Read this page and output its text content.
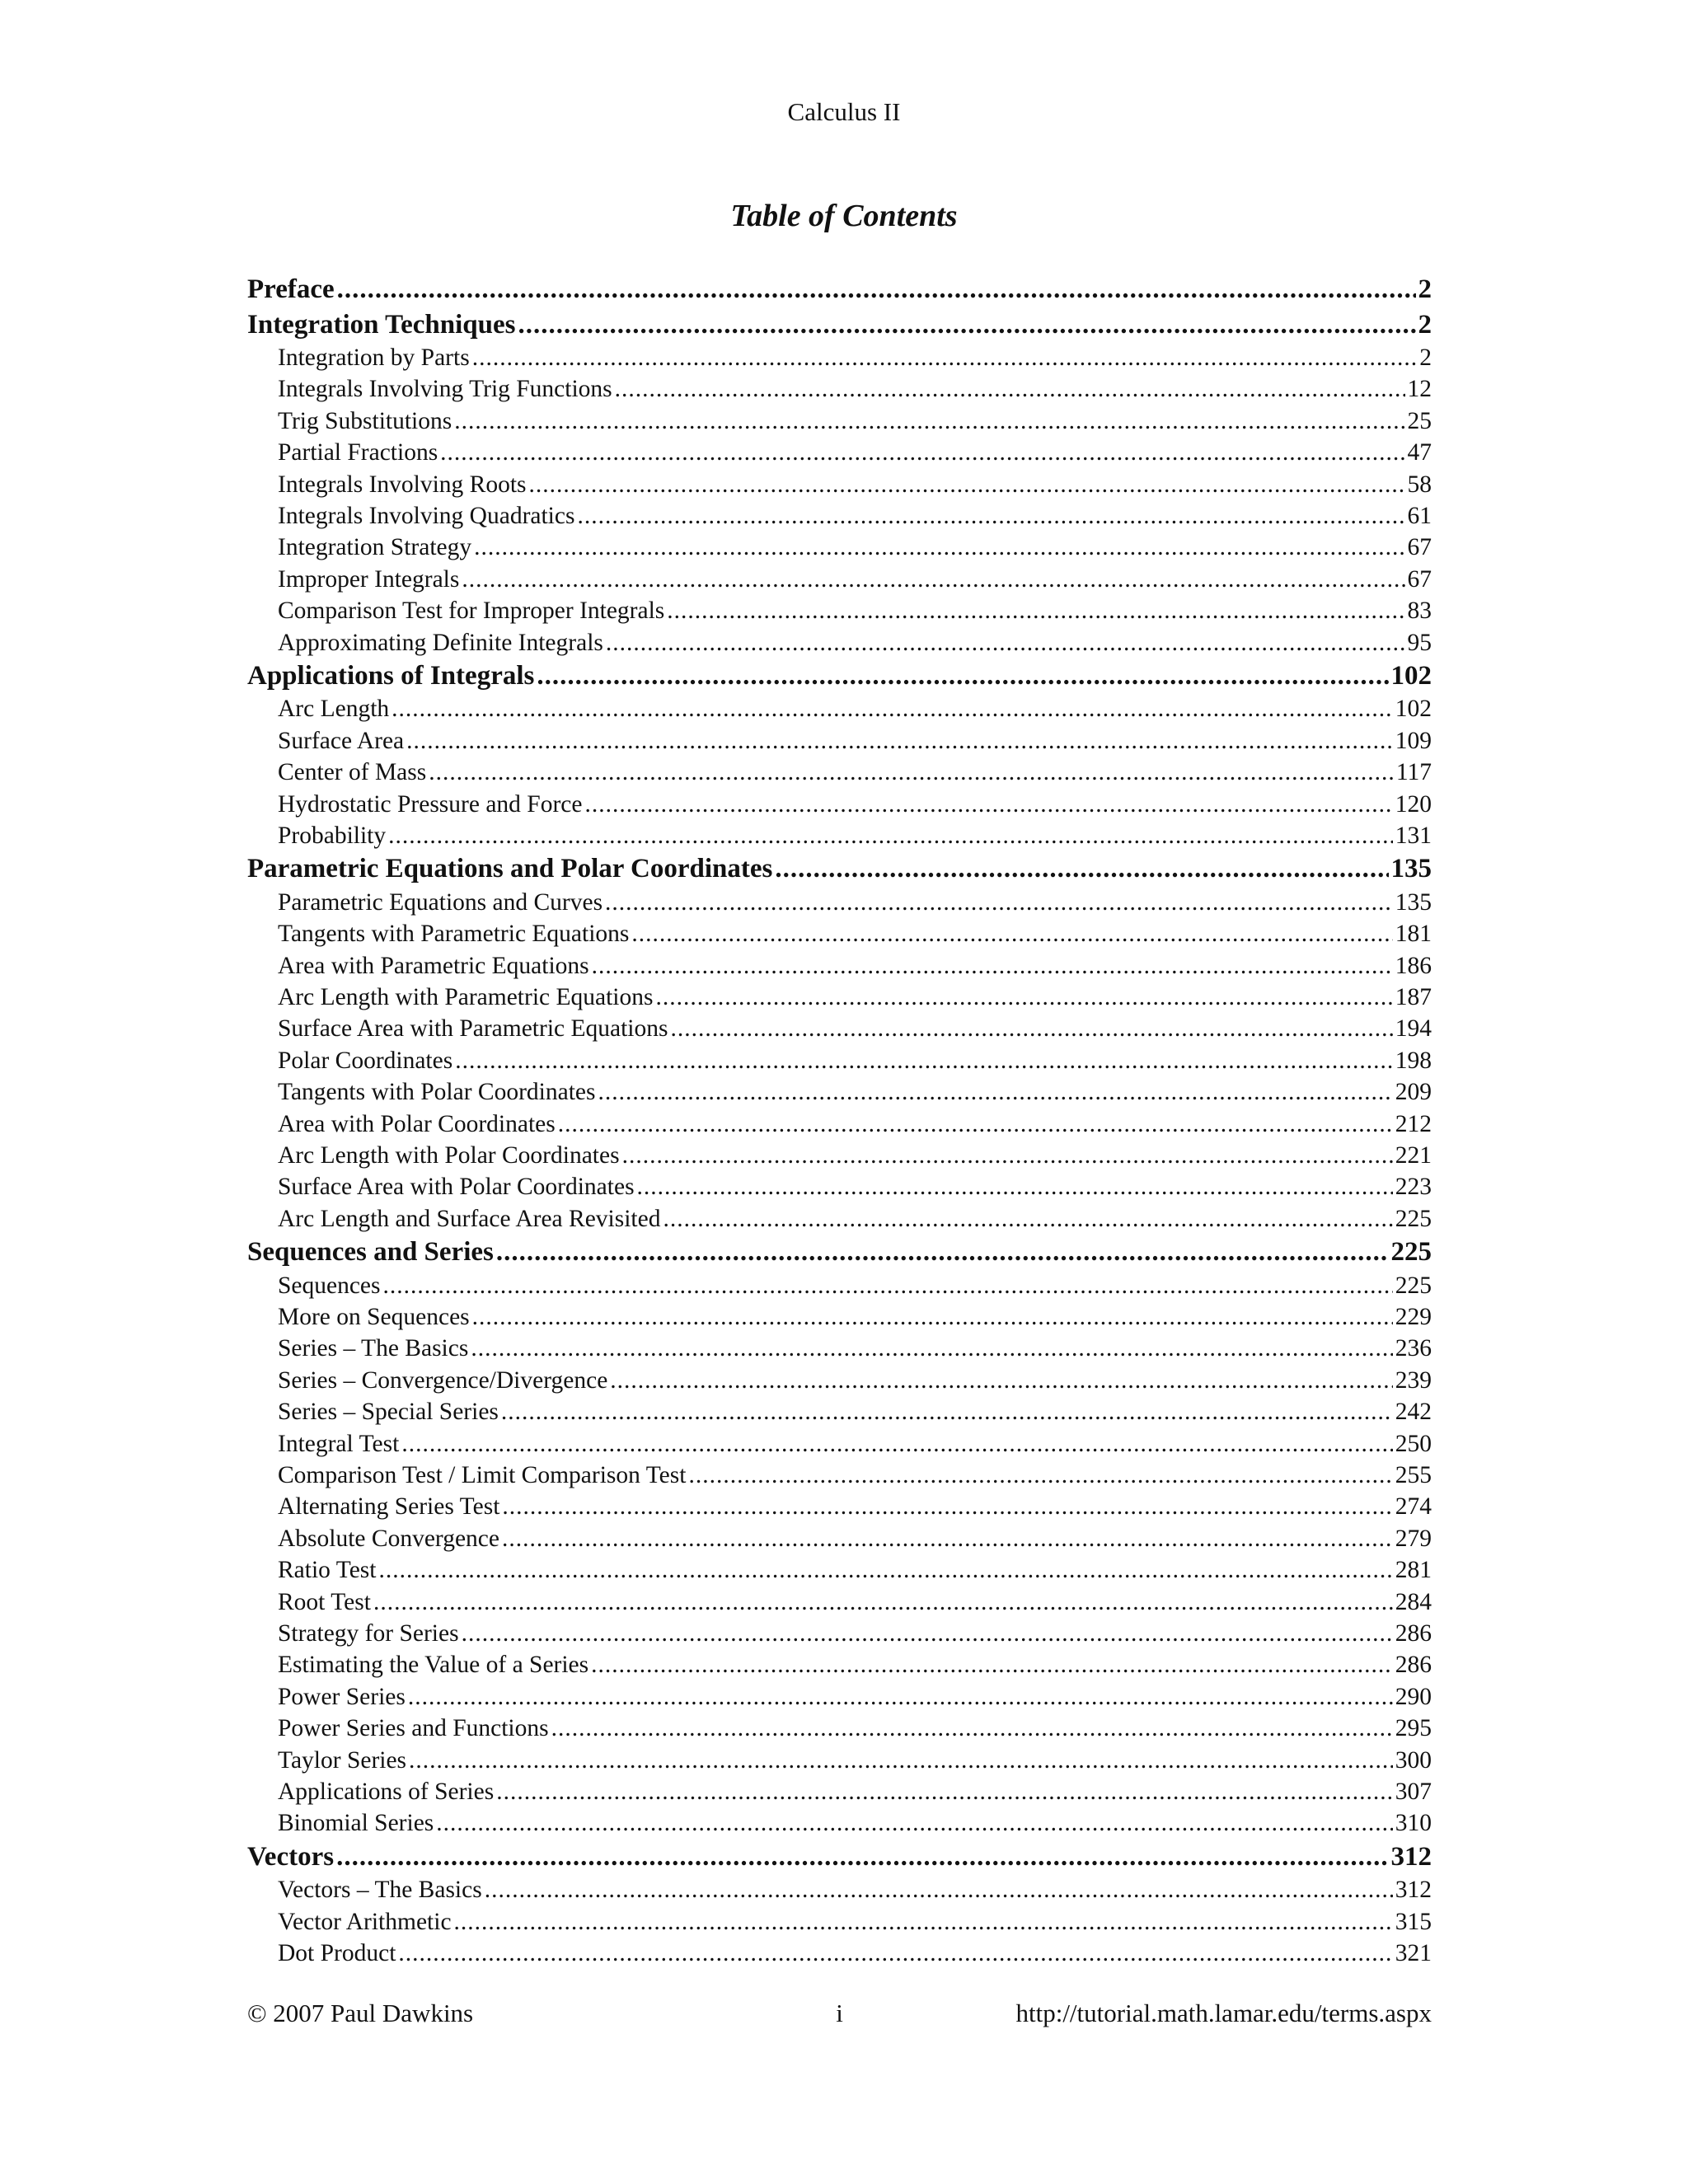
Calculus II
Table of Contents
Preface .....	2
Integration Techniques .....	2
Integration by Parts .....	2
Integrals Involving Trig Functions .....	12
Trig Substitutions .....	25
Partial Fractions .....	47
Integrals Involving Roots .....	58
Integrals Involving Quadratics .....	61
Integration Strategy .....	67
Improper Integrals .....	67
Comparison Test for Improper Integrals .....	83
Approximating Definite Integrals .....	95
Applications of Integrals .....	102
Arc Length .....	102
Surface Area .....	109
Center of Mass .....	117
Hydrostatic Pressure and Force .....	120
Probability .....	131
Parametric Equations and Polar Coordinates .....	135
Parametric Equations and Curves .....	135
Tangents with Parametric Equations .....	181
Area with Parametric Equations .....	186
Arc Length with Parametric Equations .....	187
Surface Area with Parametric Equations .....	194
Polar Coordinates .....	198
Tangents with Polar Coordinates .....	209
Area with Polar Coordinates .....	212
Arc Length with Polar Coordinates .....	221
Surface Area with Polar Coordinates .....	223
Arc Length and Surface Area Revisited .....	225
Sequences and Series .....	225
Sequences .....	225
More on Sequences .....	229
Series – The Basics .....	236
Series – Convergence/Divergence .....	239
Series – Special Series .....	242
Integral Test .....	250
Comparison Test / Limit Comparison Test .....	255
Alternating Series Test .....	274
Absolute Convergence .....	279
Ratio Test .....	281
Root Test .....	284
Strategy for Series .....	286
Estimating the Value of a Series .....	286
Power Series .....	290
Power Series and Functions .....	295
Taylor Series .....	300
Applications of Series .....	307
Binomial Series .....	310
Vectors .....	312
Vectors – The Basics .....	312
Vector Arithmetic .....	315
Dot Product .....	321
© 2007 Paul Dawkins	i	http://tutorial.math.lamar.edu/terms.aspx
